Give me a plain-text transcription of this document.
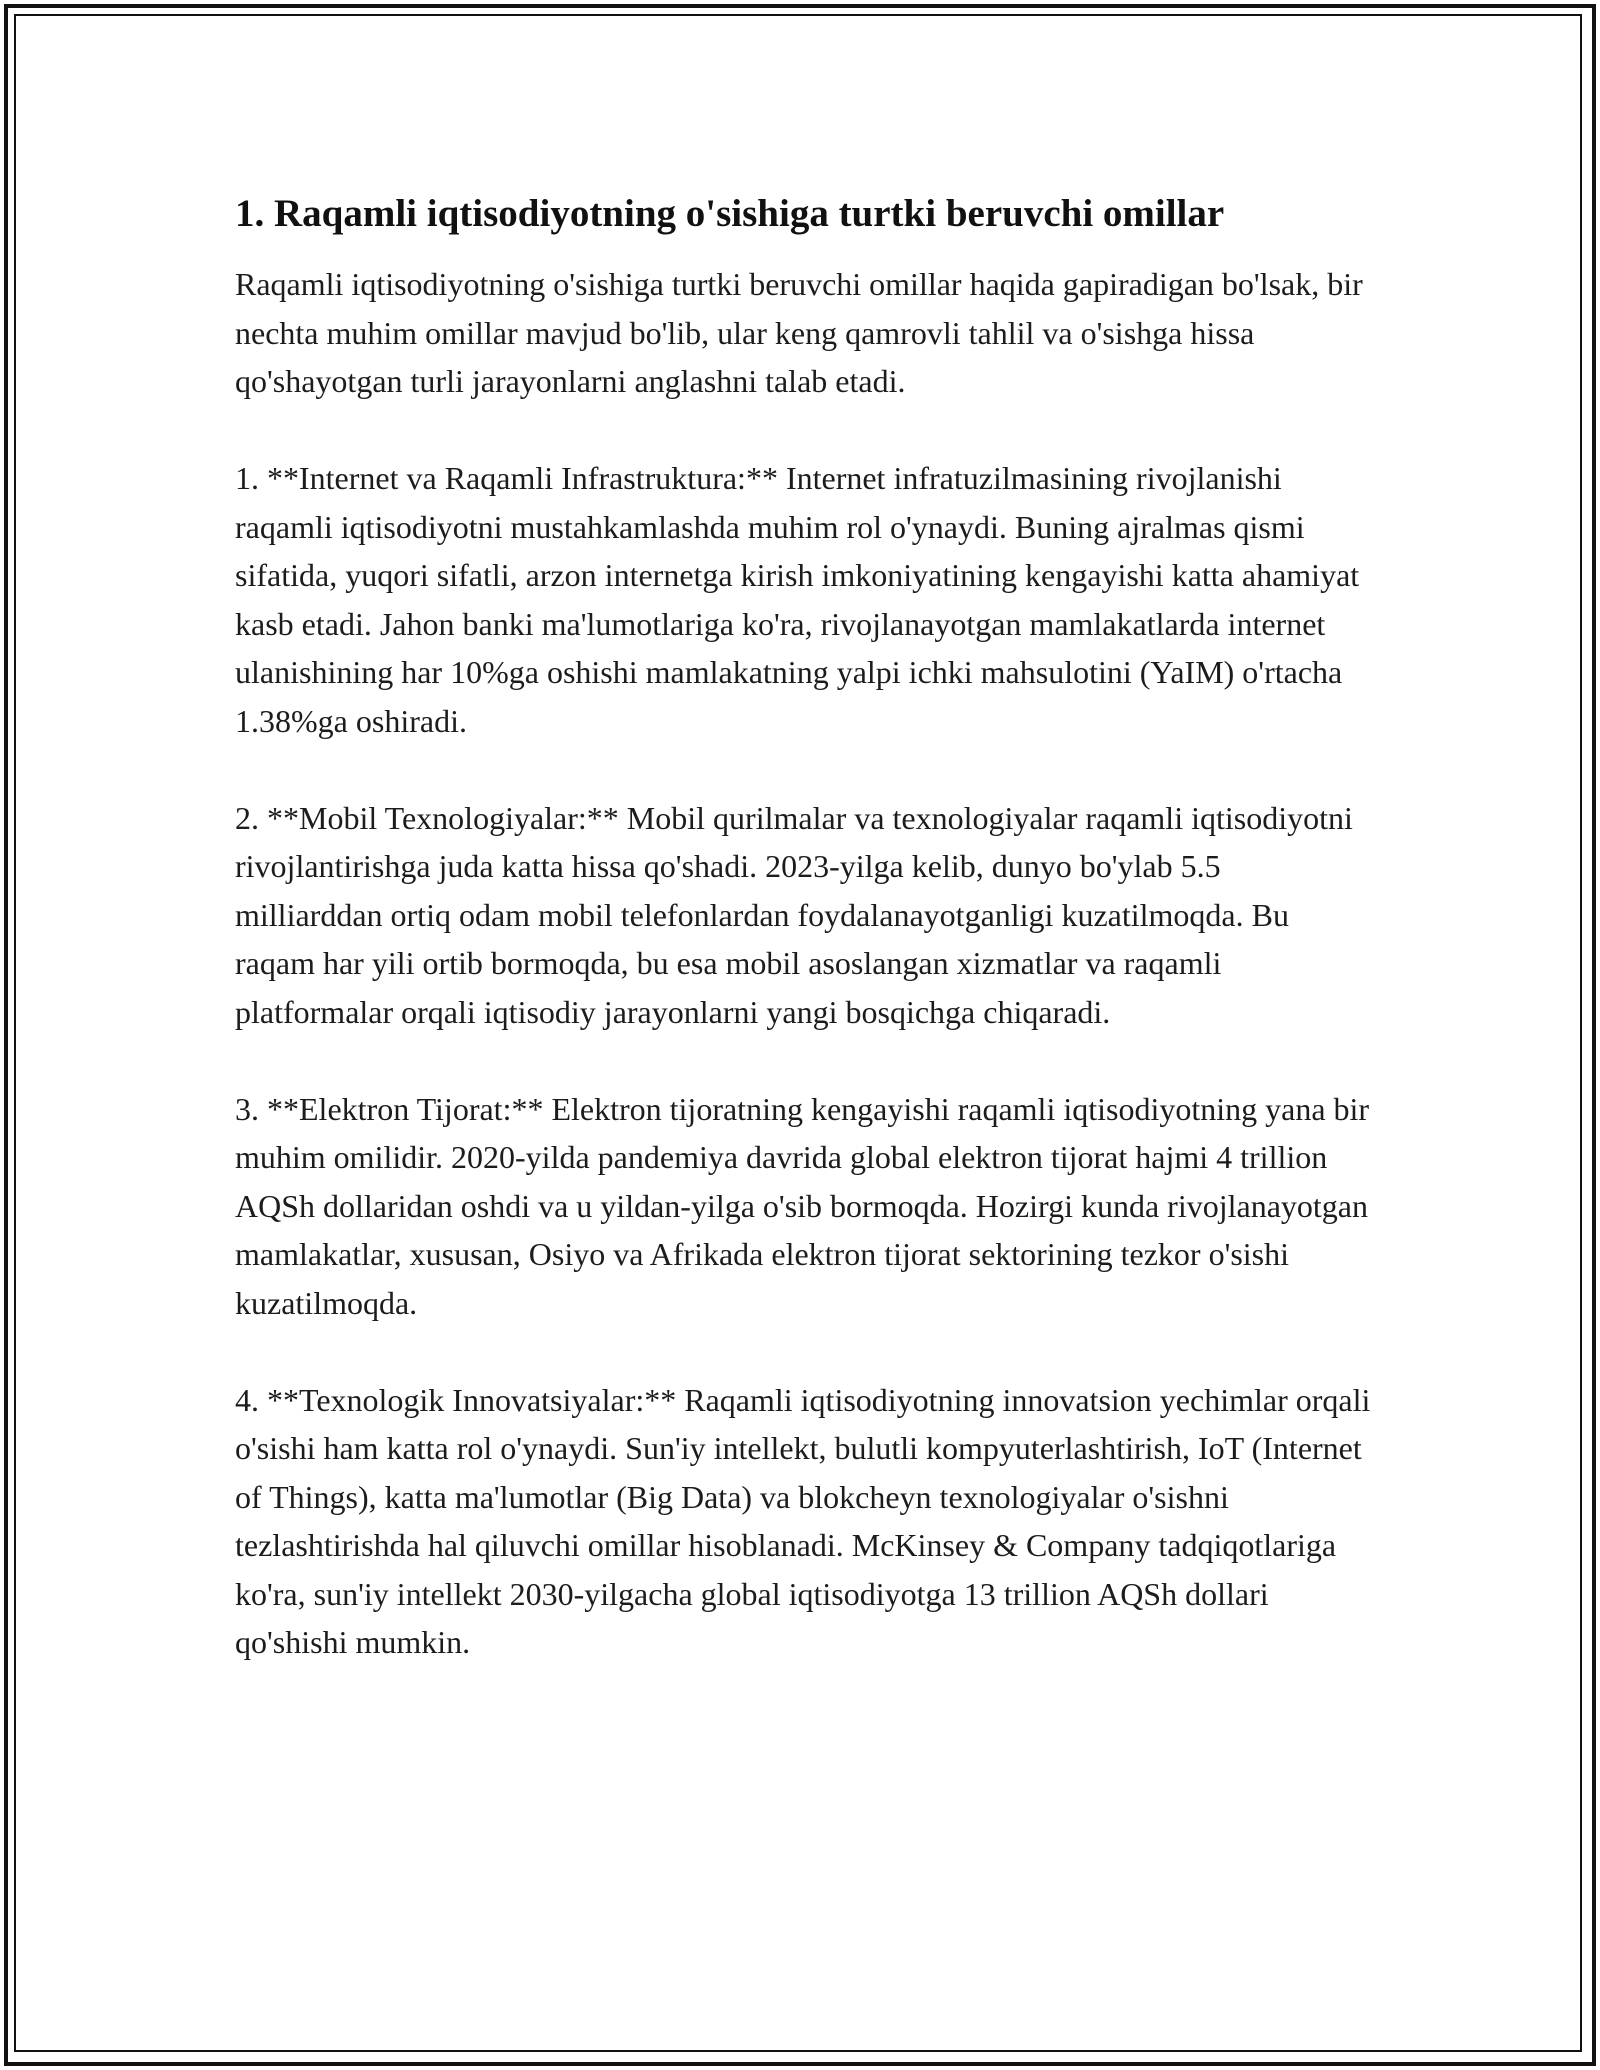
1. Raqamli iqtisodiyotning o'sishiga turtki beruvchi omillar

Raqamli iqtisodiyotning o'sishiga turtki beruvchi omillar haqida gapiradigan bo'lsak, bir nechta muhim omillar mavjud bo'lib, ular keng qamrovli tahlil va o'sishga hissa qo'shayotgan turli jarayonlarni anglashni talab etadi.

1. **Internet va Raqamli Infrastruktura:** Internet infratuzilmasining rivojlanishi raqamli iqtisodiyotni mustahkamlashda muhim rol o'ynaydi. Buning ajralmas qismi sifatida, yuqori sifatli, arzon internetga kirish imkoniyatining kengayishi katta ahamiyat kasb etadi. Jahon banki ma'lumotlariga ko'ra, rivojlanayotgan mamlakatlarda internet ulanishining har 10%ga oshishi mamlakatning yalpi ichki mahsulotini (YaIM) o'rtacha 1.38%ga oshiradi.

2. **Mobil Texnologiyalar:** Mobil qurilmalar va texnologiyalar raqamli iqtisodiyotni rivojlantirishga juda katta hissa qo'shadi. 2023-yilga kelib, dunyo bo'ylab 5.5 milliarddan ortiq odam mobil telefonlardan foydalanayotganligi kuzatilmoqda. Bu raqam har yili ortib bormoqda, bu esa mobil asoslangan xizmatlar va raqamli platformalar orqali iqtisodiy jarayonlarni yangi bosqichga chiqaradi.

3. **Elektron Tijorat:** Elektron tijoratning kengayishi raqamli iqtisodiyotning yana bir muhim omilidir. 2020-yilda pandemiya davrida global elektron tijorat hajmi 4 trillion AQSh dollaridan oshdi va u yildan-yilga o'sib bormoqda. Hozirgi kunda rivojlanayotgan mamlakatlar, xususan, Osiyo va Afrikada elektron tijorat sektorining tezkor o'sishi kuzatilmoqda.

4. **Texnologik Innovatsiyalar:** Raqamli iqtisodiyotning innovatsion yechimlar orqali o'sishi ham katta rol o'ynaydi. Sun'iy intellekt, bulutli kompyuterlashtirish, IoT (Internet of Things), katta ma'lumotlar (Big Data) va blokcheyn texnologiyalar o'sishni tezlashtirishda hal qiluvchi omillar hisoblanadi. McKinsey & Company tadqiqotlariga ko'ra, sun'iy intellekt 2030-yilgacha global iqtisodiyotga 13 trillion AQSh dollari qo'shishi mumkin.
